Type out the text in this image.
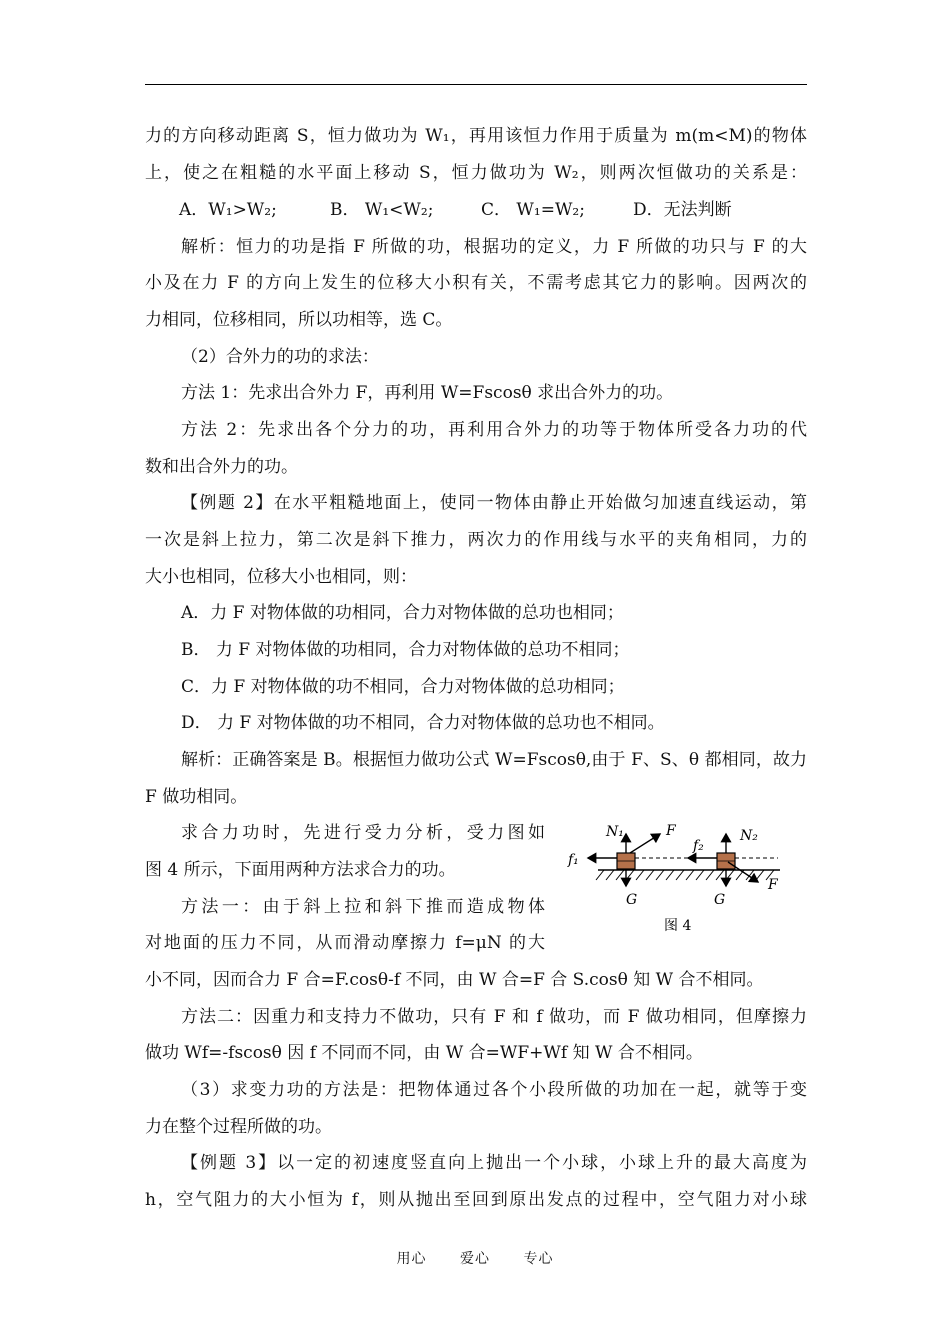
力的方向移动距离 S，恒力做功为 W₁，再用该恒力作用于质量为 m(m<M)的物体
上，使之在粗糙的水平面上移动 S，恒力做功为 W₂，则两次恒做功的关系是：
A．W₁>W₂;	B． W₁<W₂;	C． W₁=W₂;	D．无法判断
解析：恒力的功是指 F 所做的功，根据功的定义，力 F 所做的功只与 F 的大
小及在力 F 的方向上发生的位移大小积有关，不需考虑其它力的影响。因两次的
力相同，位移相同，所以功相等，选 C。
（2）合外力的功的求法：
方法 1：先求出合外力 F，再利用 W=Fscosθ 求出合外力的功。
方法 2：先求出各个分力的功，再利用合外力的功等于物体所受各力功的代
数和出合外力的功。
【例题 2】在水平粗糙地面上，使同一物体由静止开始做匀加速直线运动，第
一次是斜上拉力，第二次是斜下推力，两次力的作用线与水平的夹角相同，力的
大小也相同，位移大小也相同，则：
A．力 F 对物体做的功相同，合力对物体做的总功也相同；
B． 力 F 对物体做的功相同，合力对物体做的总功不相同；
C．力 F 对物体做的功不相同，合力对物体做的总功相同；
D． 力 F 对物体做的功不相同，合力对物体做的总功也不相同。
解析：正确答案是 B。根据恒力做功公式 W=Fscosθ,由于 F、S、θ 都相同，故力
F 做功相同。
求合力功时，先进行受力分析，受力图如
图 4 所示，下面用两种方法求合力的功。
方法一：由于斜上拉和斜下推而造成物体
对地面的压力不同，从而滑动摩擦力 f=μN 的大
N₁	F
f₁
G
f₂
N₂
F
G
图 4
小不同，因而合力 F 合=F.cosθ-f 不同，由 W 合=F 合 S.cosθ 知 W 合不相同。
方法二：因重力和支持力不做功，只有 F 和 f 做功，而 F 做功相同，但摩擦力
做功 Wf=-fscosθ 因 f 不同而不同，由 W 合=WF+Wf 知 W 合不相同。
（3）求变力功的方法是：把物体通过各个小段所做的功加在一起，就等于变
力在整个过程所做的功。
【例题 3】以一定的初速度竖直向上抛出一个小球，小球上升的最大高度为
h，空气阻力的大小恒为 f，则从抛出至回到原出发点的过程中，空气阻力对小球
用心 爱心 专心
